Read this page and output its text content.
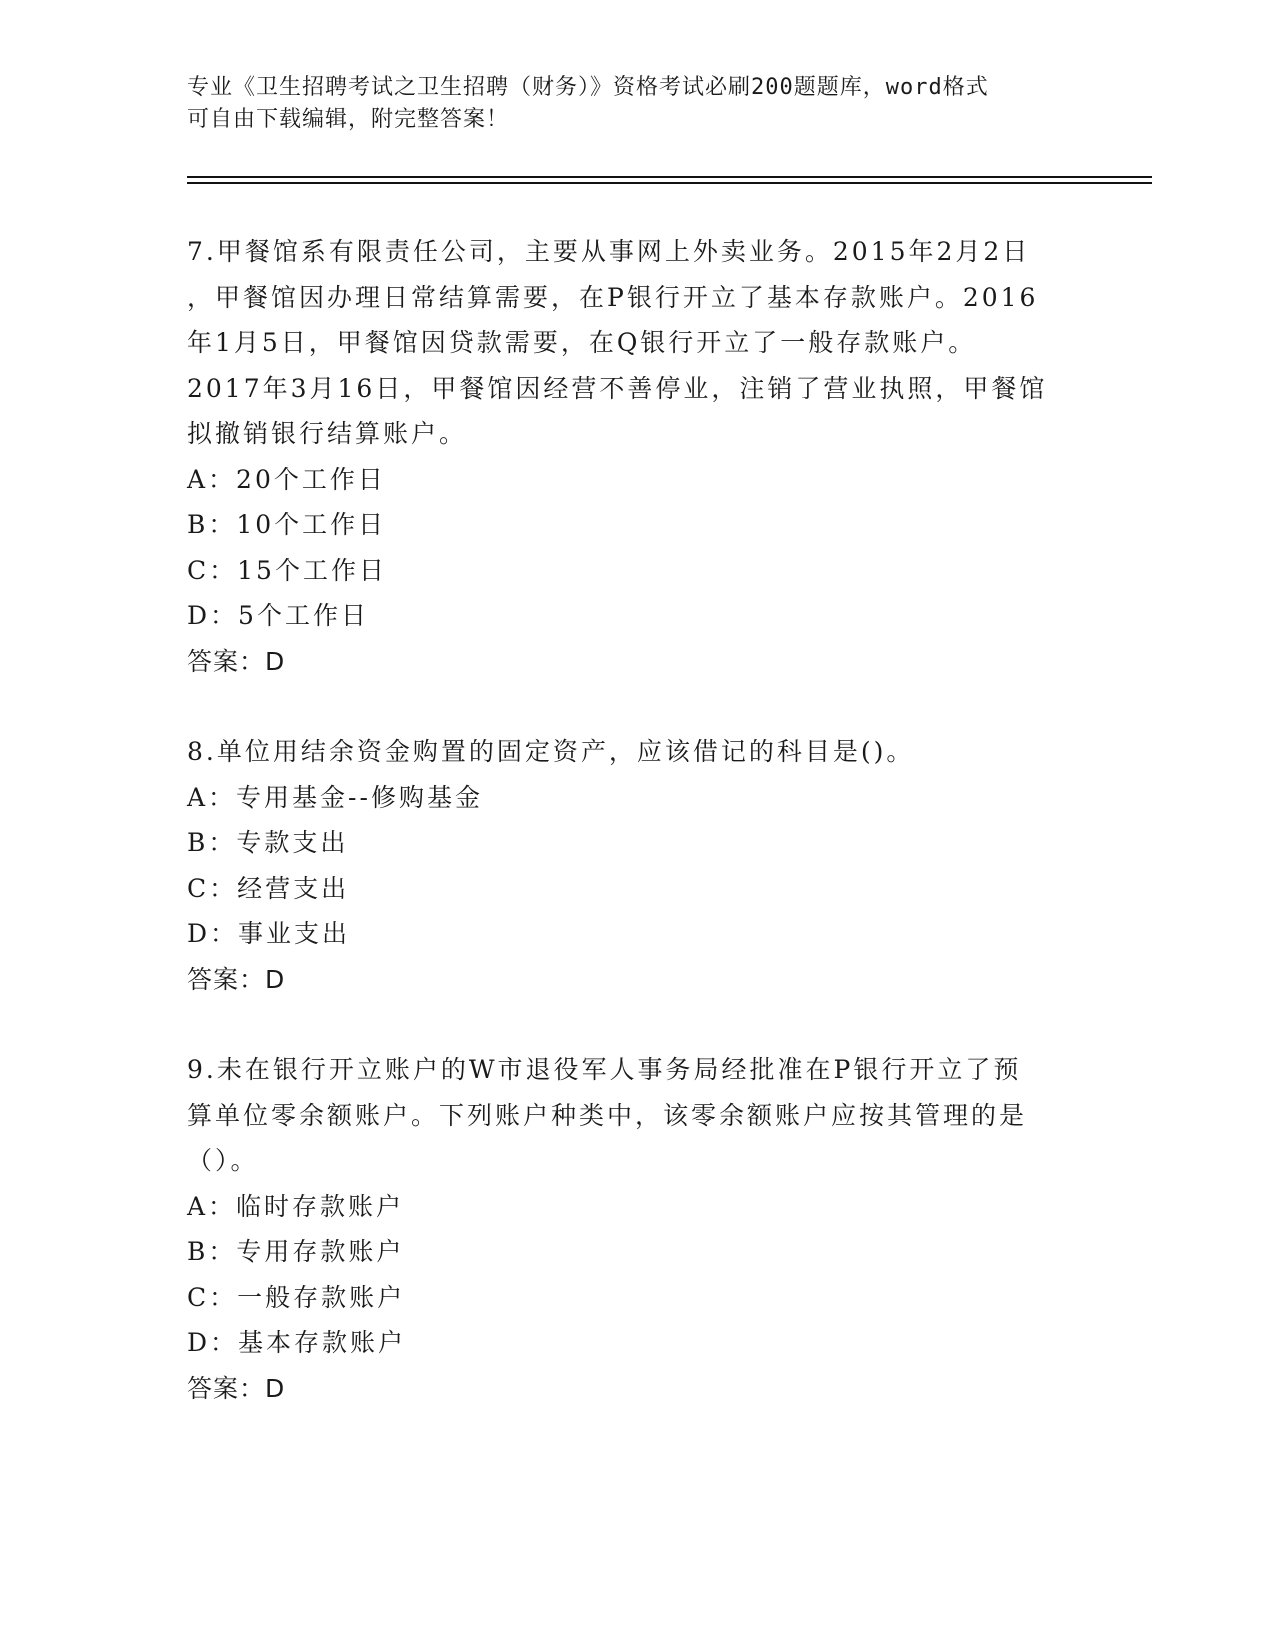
专业《卫生招聘考试之卫生招聘（财务）》资格考试必刷200题题库，word格式
可自由下载编辑，附完整答案！
7.甲餐馆系有限责任公司，主要从事网上外卖业务。2015年2月2日
，甲餐馆因办理日常结算需要，在P银行开立了基本存款账户。2016
年1月5日，甲餐馆因贷款需要，在Q银行开立了一般存款账户。
2017年3月16日，甲餐馆因经营不善停业，注销了营业执照，甲餐馆
拟撤销银行结算账户。
A：20个工作日
B：10个工作日
C：15个工作日
D：5个工作日
答案：D
8.单位用结余资金购置的固定资产，应该借记的科目是()。
A：专用基金--修购基金
B：专款支出
C：经营支出
D：事业支出
答案：D
9.未在银行开立账户的W市退役军人事务局经批准在P银行开立了预
算单位零余额账户。下列账户种类中，该零余额账户应按其管理的是
（）。
A：临时存款账户
B：专用存款账户
C：一般存款账户
D：基本存款账户
答案：D
